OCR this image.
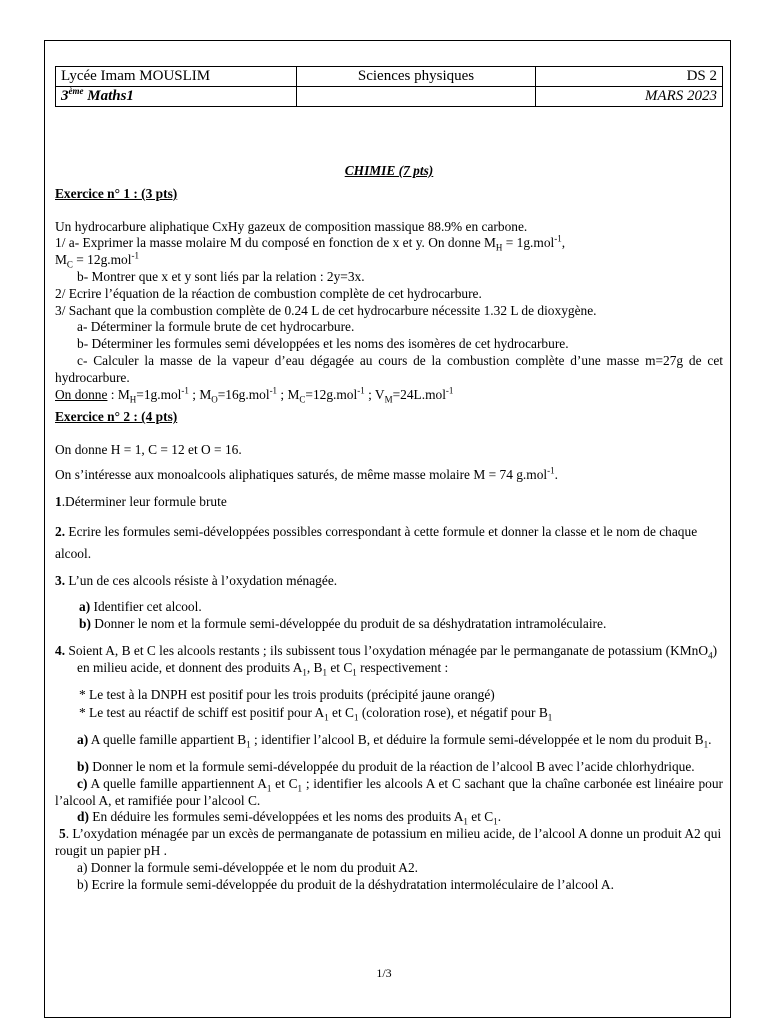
Lycée Imam MOUSLIM	Sciences physiques	DS 2
3ème Maths1		MARS 2023

CHIMIE (7 pts)

Exercice n° 1 : (3 pts)

Un hydrocarbure aliphatique CxHy gazeux de composition massique 88.9% en carbone.

1/ a- Exprimer la masse molaire M du composé en fonction de x et y. On donne $M_H = 1g.mol^{-1}$,

$M_C = 12g.mol^{-1}$

b- Montrer que x et y sont liés par la relation : 2y=3x.

2/ Ecrire l’équation de la réaction de combustion complète de cet hydrocarbure.

3/ Sachant que la combustion complète de 0.24 L de cet hydrocarbure nécessite 1.32 L de dioxygène.

a- Déterminer la formule brute de cet hydrocarbure.

b- Déterminer les formules semi développées et les noms des isomères de cet hydrocarbure.

c- Calculer la masse de la vapeur d’eau dégagée au cours de la combustion complète d’une masse m=27g de cet hydrocarbure.

On donne : $M_H=1g.mol^{-1}$ ; $M_O=16g.mol^{-1}$ ; $M_C=12g.mol^{-1}$ ; $V_M=24L.mol^{-1}$

Exercice n° 2 : (4 pts)

On donne H = 1, C = 12 et O = 16.

On s’intéresse aux monoalcools aliphatiques saturés, de même masse molaire M = 74 g.mol$^{-1}$.

1.Déterminer leur formule brute

2. Ecrire les formules semi-développées possibles correspondant à cette formule et donner la classe et le nom de chaque alcool.

3. L’un de ces alcools résiste à l’oxydation ménagée.

a) Identifier cet alcool.

b) Donner le nom et la formule semi-développée du produit de sa déshydratation intramoléculaire.

4. Soient A, B et C les alcools restants ; ils subissent tous l’oxydation ménagée par le permanganate de potassium (KMnO$_4$) en milieu acide, et donnent des produits $A_1$, $B_1$ et $C_1$ respectivement :

* Le test à la DNPH est positif pour les trois produits (précipité jaune orangé)

* Le test au réactif de schiff est positif pour $A_1$ et $C_1$ (coloration rose), et négatif pour $B_1$

a) A quelle famille appartient $B_1$ ; identifier l’alcool B, et déduire la formule semi-développée et le nom du produit $B_1$.

b) Donner le nom et la formule semi-développée du produit de la réaction de l’alcool B avec l’acide chlorhydrique.

c) A quelle famille appartiennent $A_1$ et $C_1$ ; identifier les alcools A et C sachant que la chaîne carbonée est linéaire pour l’alcool A, et ramifiée pour l’alcool C.

d) En déduire les formules semi-développées et les noms des produits $A_1$ et $C_1$.

5. L’oxydation ménagée par un excès de permanganate de potassium en milieu acide, de l’alcool A donne un produit A2 qui rougit un papier pH .

a) Donner la formule semi-développée et le nom du produit A2.

b) Ecrire la formule semi-développée du produit de la déshydratation intermoléculaire de l’alcool A.

1/3
